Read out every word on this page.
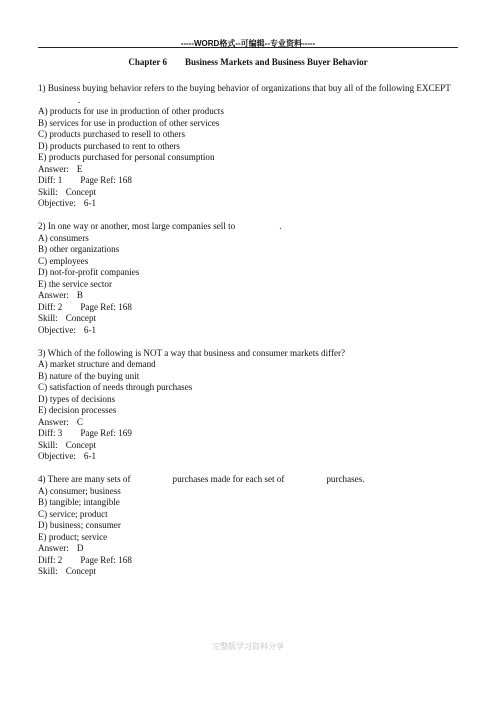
-----WORD格式--可编辑--专业资料-----
Chapter 6 Business Markets and Business Buyer Behavior
1) Business buying behavior refers to the buying behavior of organizations that buy all of the following EXCEPT.
A) products for use in production of other products
B) services for use in production of other services
C) products purchased to resell to others
D) products purchased to rent to others
E) products purchased for personal consumption
Answer: E
Diff: 1 Page Ref: 168
Skill: Concept
Objective: 6-1
2) In one way or another, most large companies sell to	.
A) consumers
B) other organizations
C) employees
D) not-for-profit companies
E) the service sector
Answer: B
Diff: 2 Page Ref: 168
Skill: Concept
Objective: 6-1
3) Which of the following is NOT a way that business and consumer markets differ?
A) market structure and demand
B) nature of the buying unit
C) satisfaction of needs through purchases
D) types of decisions
E) decision processes
Answer: C
Diff: 3 Page Ref: 169
Skill: Concept
Objective: 6-1
4) There are many sets of	purchases made for each set of	purchases.
A) consumer; business
B) tangible; intangible
C) service; product
D) business; consumer
E) product; service
Answer: D
Diff: 2 Page Ref: 168
Skill: Concept
完整版学习资料分享
